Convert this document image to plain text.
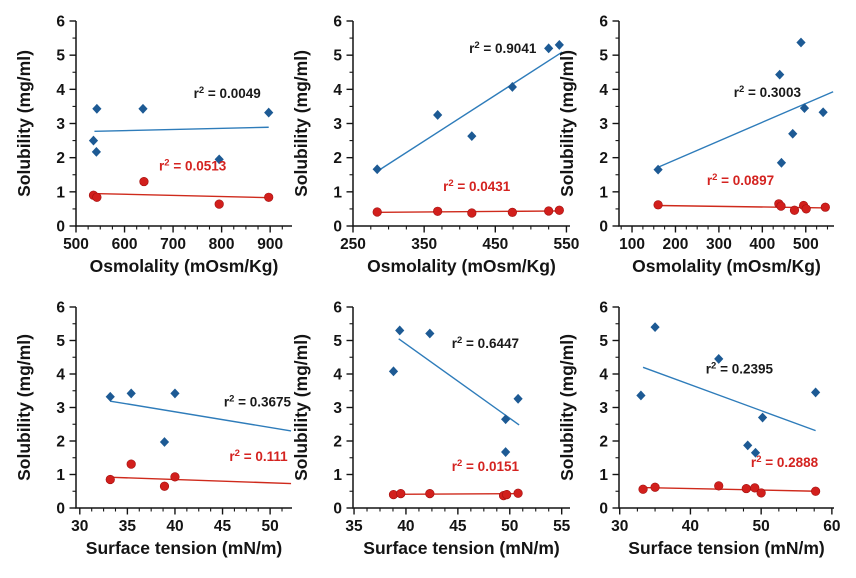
500 600 700 800 900
0
1
2
3
4
5
6
Osmolality (mOsm/Kg)
Solubility (mg/ml)	$r^2 = 0.0049$
$r^2 = 0.0513$
250	350	450	550
0
1
2
3
4
5
6
Osmolality (mOsm/Kg)
Solubility (mg/ml)
$r^2 = 0.9041$
$r^2 = 0.0431$
100 200 300 400 500
0
1
2
3
4
5
6
Osmolality (mOsm/Kg)
Solubility (mg/ml)	$r^2 = 0.3003$
$r^2 = 0.0897$
30 35 40 45 50
0
1
2
3
4
5
6
Surface tension (mN/m)
Solubility (mg/ml)	$r^2 = 0.3675$
$r^2 = 0.111$
35 40 45 50 55
0
1
2
3
4
5
6
Surface tension (mN/m)
Solubility (mg/ml)	$r^2 = 0.6447$
$r^2 = 0.0151$
30	40	50	60
0
1
2
3
4
5
6
Surface tension (mN/m)
Solubility (mg/ml)	$r^2 = 0.2395$
$r^2 = 0.2888$
